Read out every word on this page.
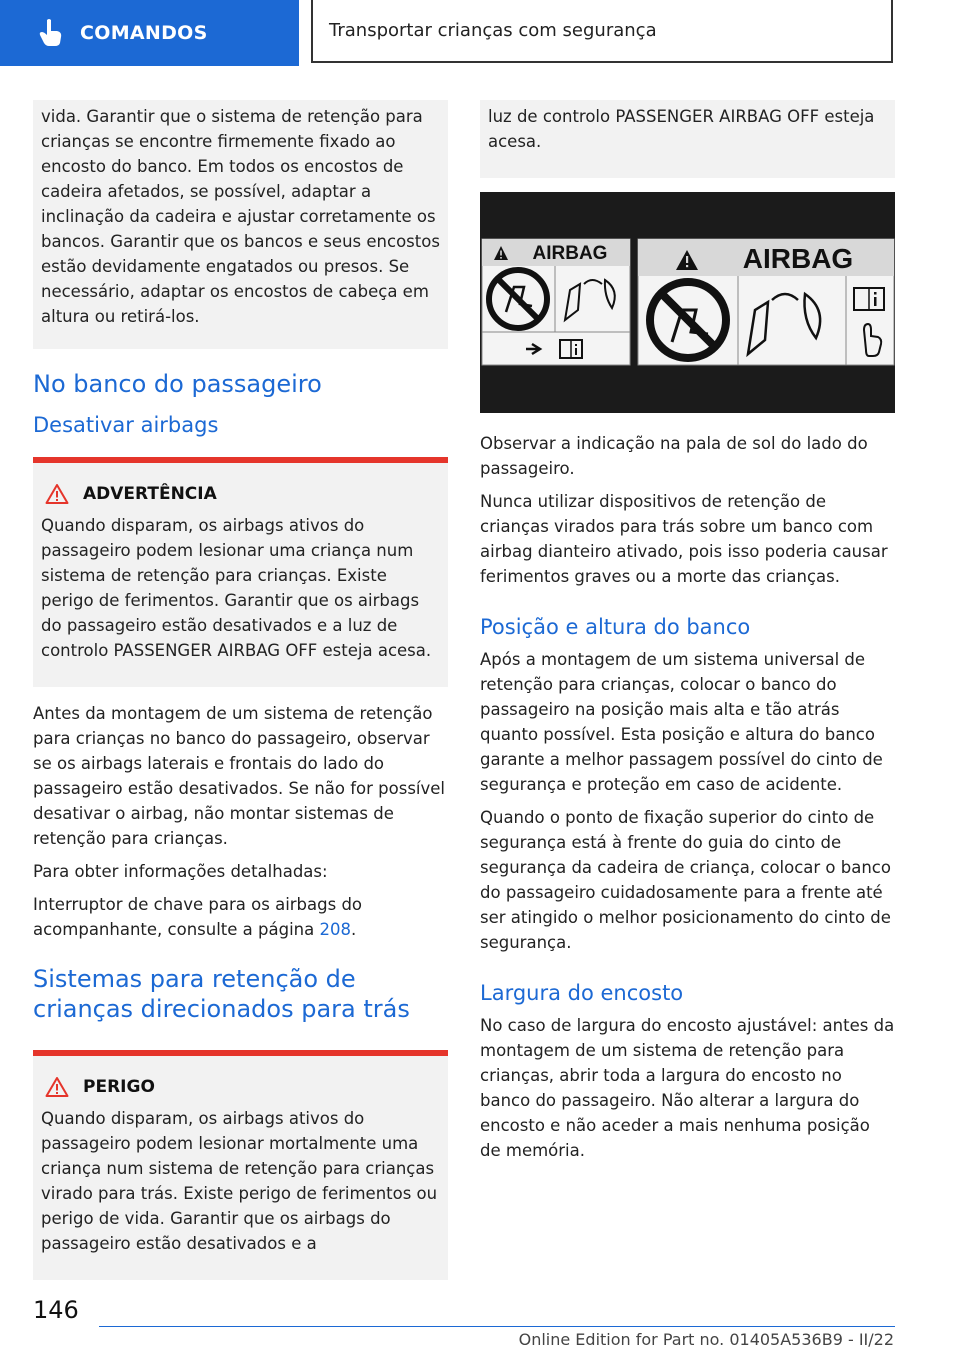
COMANDOS	Transportar crianças com segurança

vida. Garantir que o sistema de retenção para crianças se encontre firmemente fixado ao encosto do banco. Em todos os encostos de cadeira afetados, se possível, adaptar a inclinação da cadeira e ajustar corretamente os bancos. Garantir que os bancos e seus encostos estão devidamente engatados ou presos. Se necessário, adaptar os encostos de cabeça em altura ou retirá-los.

No banco do passageiro
Desativar airbags
ADVERTÊNCIA

Quando disparam, os airbags ativos do passageiro podem lesionar uma criança num sistema de retenção para crianças. Existe perigo de ferimentos. Garantir que os airbags do passageiro estão desativados e a luz de controlo PASSENGER AIRBAG OFF esteja acesa.

Antes da montagem de um sistema de retenção para crianças no banco do passageiro, observar se os airbags laterais e frontais do lado do passageiro estão desativados. Se não for possível desativar o airbag, não montar sistemas de retenção para crianças.

Para obter informações detalhadas:

Interruptor de chave para os airbags do acompanhante, consulte a página 208.

Sistemas para retenção de crianças direcionados para trás
PERIGO

Quando disparam, os airbags ativos do passageiro podem lesionar mortalmente uma criança num sistema de retenção para crianças virado para trás. Existe perigo de ferimentos ou perigo de vida. Garantir que os airbags do passageiro estão desativados e a

luz de controlo PASSENGER AIRBAG OFF esteja acesa.

AIRBAG	AIRBAG

Observar a indicação na pala de sol do lado do passageiro.

Nunca utilizar dispositivos de retenção de crianças virados para trás sobre um banco com airbag dianteiro ativado, pois isso poderia causar ferimentos graves ou a morte das crianças.

Posição e altura do banco

Após a montagem de um sistema universal de retenção para crianças, colocar o banco do passageiro na posição mais alta e tão atrás quanto possível. Esta posição e altura do banco garante a melhor passagem possível do cinto de segurança e proteção em caso de acidente.

Quando o ponto de fixação superior do cinto de segurança está à frente do guia do cinto de segurança da cadeira de criança, colocar o banco do passageiro cuidadosamente para a frente até ser atingido o melhor posicionamento do cinto de segurança.

Largura do encosto

No caso de largura do encosto ajustável: antes da montagem de um sistema de retenção para crianças, abrir toda a largura do encosto no banco do passageiro. Não alterar a largura do encosto e não aceder a mais nenhuma posição de memória.

146
Online Edition for Part no. 01405A536B9 - II/22
